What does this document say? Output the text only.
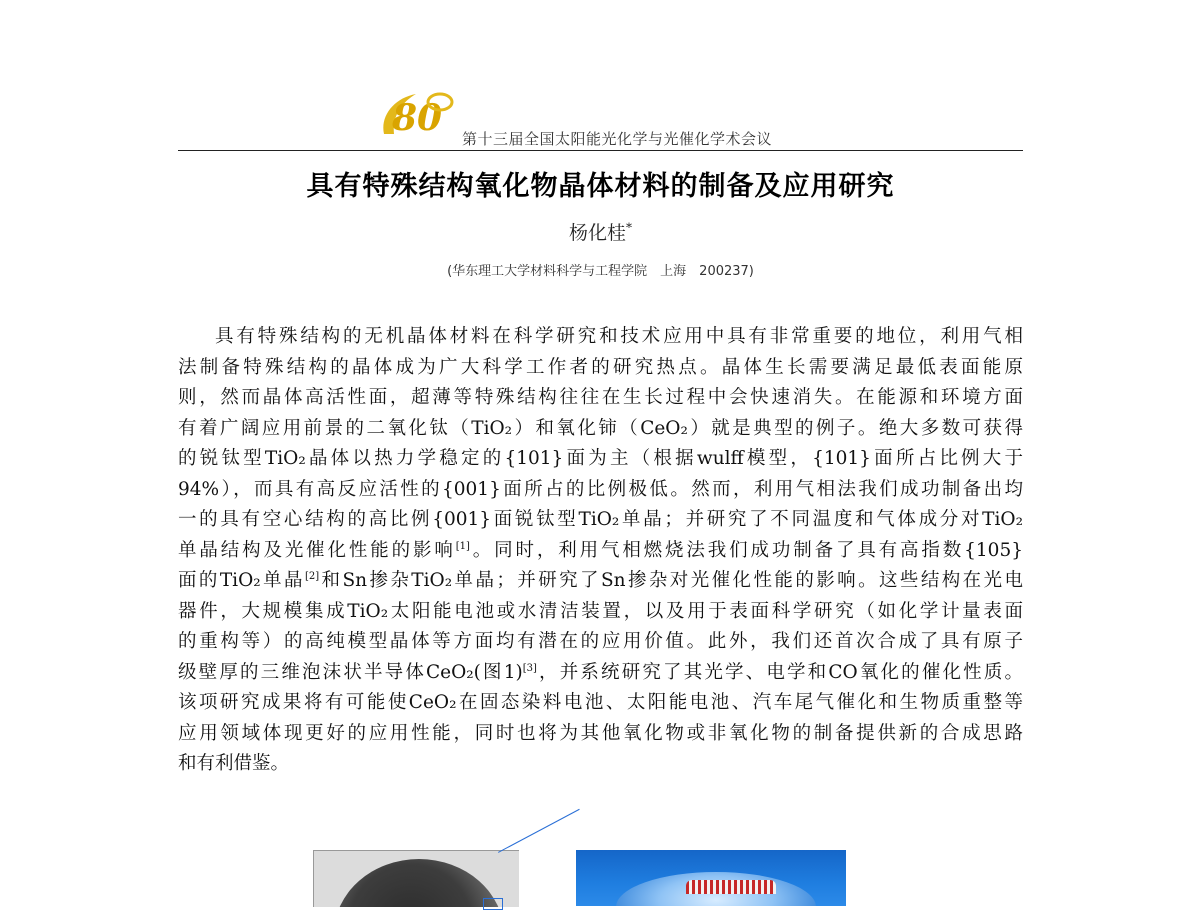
80 第十三届全国太阳能光化学与光催化学术会议
具有特殊结构氧化物晶体材料的制备及应用研究
杨化桂*
(华东理工大学材料科学与工程学院　上海　200237)
具有特殊结构的无机晶体材料在科学研究和技术应用中具有非常重要的地位，利用气相
法制备特殊结构的晶体成为广大科学工作者的研究热点。晶体生长需要满足最低表面能原
则，然而晶体高活性面，超薄等特殊结构往往在生长过程中会快速消失。在能源和环境方面
有着广阔应用前景的二氧化钛（TiO₂）和氧化铈（CeO₂）就是典型的例子。绝大多数可获得
的锐钛型TiO₂晶体以热力学稳定的{101}面为主（根据wulff模型，{101}面所占比例大于
94%），而具有高反应活性的{001}面所占的比例极低。然而，利用气相法我们成功制备出均
一的具有空心结构的高比例{001}面锐钛型TiO₂单晶；并研究了不同温度和气体成分对TiO₂
单晶结构及光催化性能的影响[1]。同时，利用气相燃烧法我们成功制备了具有高指数{105}
面的TiO₂单晶[2]和Sn掺杂TiO₂单晶；并研究了Sn掺杂对光催化性能的影响。这些结构在光电
器件，大规模集成TiO₂太阳能电池或水清洁装置，以及用于表面科学研究（如化学计量表面
的重构等）的高纯模型晶体等方面均有潜在的应用价值。此外，我们还首次合成了具有原子
级壁厚的三维泡沫状半导体CeO₂(图1)[3]，并系统研究了其光学、电学和CO氧化的催化性质。
该项研究成果将有可能使CeO₂在固态染料电池、太阳能电池、汽车尾气催化和生物质重整等
应用领域体现更好的应用性能，同时也将为其他氧化物或非氧化物的制备提供新的合成思路
和有利借鉴。
